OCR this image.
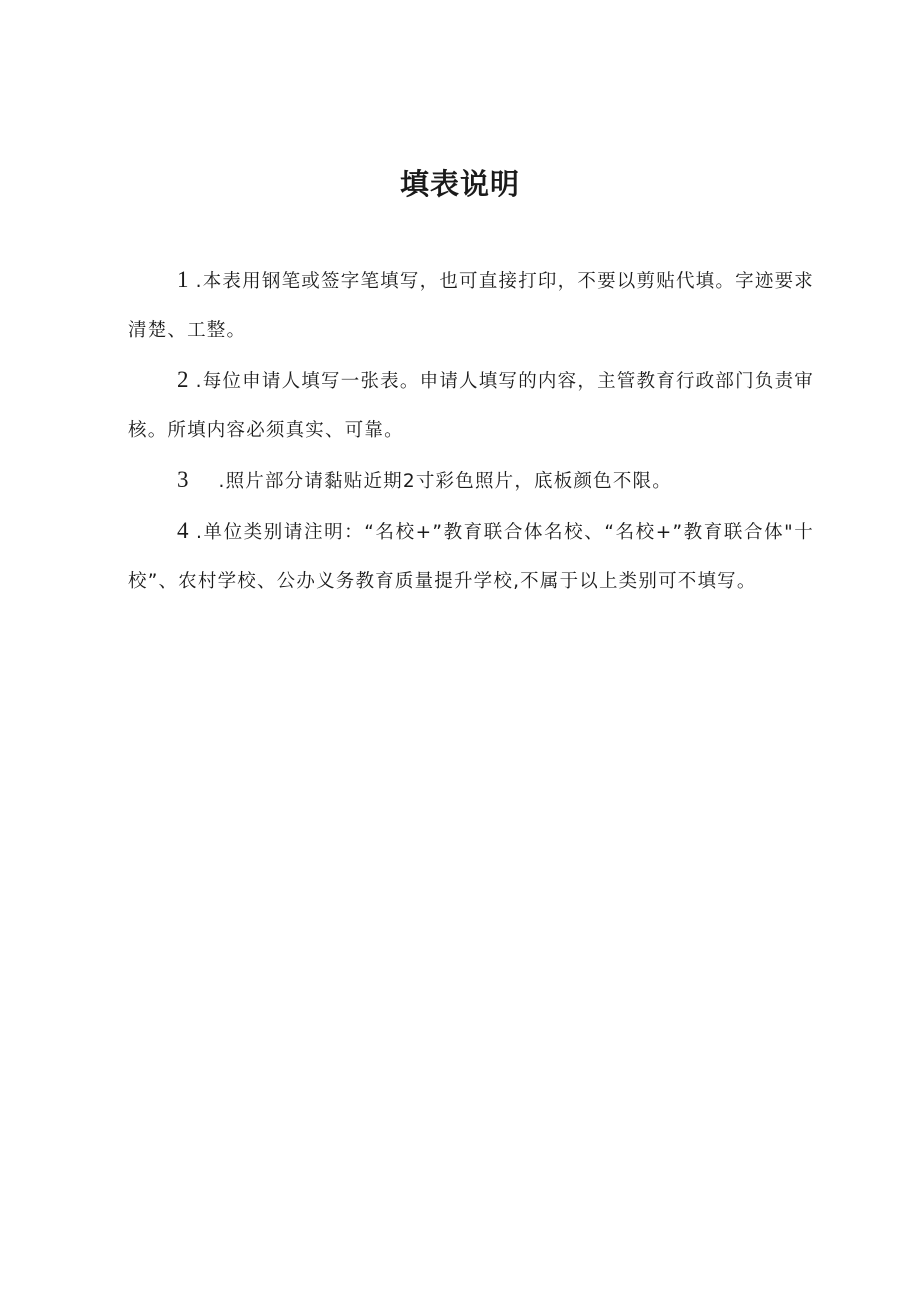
填表说明

1 .本表用钢笔或签字笔填写，也可直接打印，不要以剪贴代填。字迹要求清楚、工整。

2 .每位申请人填写一张表。申请人填写的内容，主管教育行政部门负责审核。所填内容必须真实、可靠。

3 .照片部分请黏贴近期2寸彩色照片，底板颜色不限。

4 .单位类别请注明：“名校+”教育联合体名校、“名校+”教育联合体"十校”、农村学校、公办义务教育质量提升学校,不属于以上类别可不填写。
